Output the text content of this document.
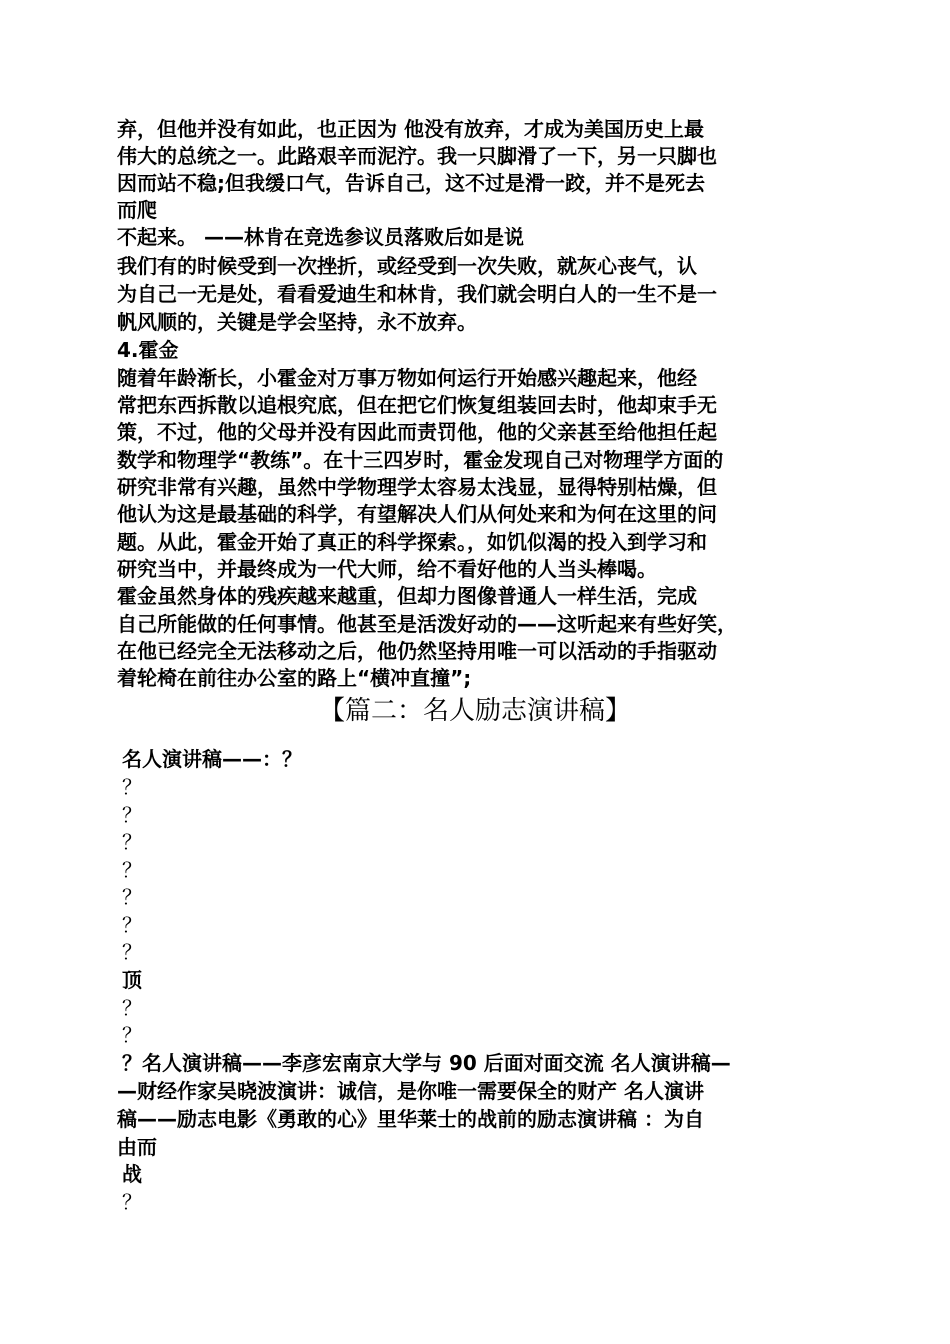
弃，但他并没有如此，也正因为 他没有放弃，才成为美国历史上最
伟大的总统之一。此路艰辛而泥泞。我一只脚滑了一下，另一只脚也
因而站不稳;但我缓口气，告诉自己，这不过是滑一跤，并不是死去
而爬
不起来。 ——林肯在竞选参议员落败后如是说
我们有的时候受到一次挫折，或经受到一次失败，就灰心丧气，认
为自己一无是处，看看爱迪生和林肯，我们就会明白人的一生不是一
帆风顺的，关键是学会坚持，永不放弃。
4.霍金
随着年龄渐长，小霍金对万事万物如何运行开始感兴趣起来，他经
常把东西拆散以追根究底，但在把它们恢复组装回去时，他却束手无
策，不过，他的父母并没有因此而责罚他，他的父亲甚至给他担任起
数学和物理学“教练”。在十三四岁时，霍金发现自己对物理学方面的
研究非常有兴趣，虽然中学物理学太容易太浅显，显得特别枯燥，但
他认为这是最基础的科学，有望解决人们从何处来和为何在这里的问
题。从此，霍金开始了真正的科学探索。，如饥似渴的投入到学习和
研究当中，并最终成为一代大师，给不看好他的人当头棒喝。
霍金虽然身体的残疾越来越重，但却力图像普通人一样生活，完成
自己所能做的任何事情。他甚至是活泼好动的——这听起来有些好笑，
在他已经完全无法移动之后，他仍然坚持用唯一可以活动的手指驱动
着轮椅在前往办公室的路上“横冲直撞”;
【篇二：名人励志演讲稿】
名人演讲稿——：？
？
？
？
？
？
？
？
顶
？
？
？名人演讲稿——李彦宏南京大学与 90 后面对面交流 名人演讲稿—
—财经作家吴晓波演讲：诚信，是你唯一需要保全的财产 名人演讲
稿——励志电影《勇敢的心》里华莱士的战前的励志演讲稿 ：为自
由而
战
？
